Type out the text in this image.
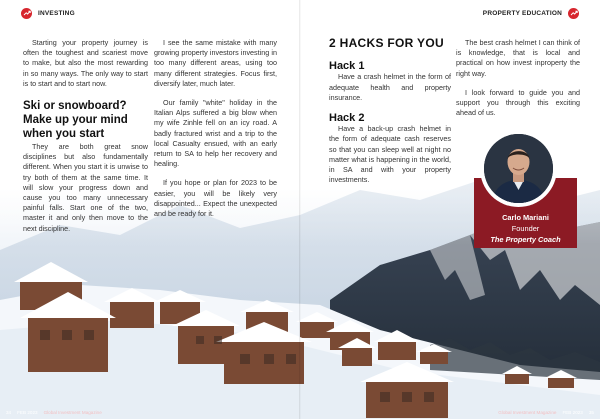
INVESTING	PROPERTY EDUCATION

Starting your property journey is often the toughest and scariest move to make, but also the most rewarding in so many ways. The only way to start is to start and to start now.

Ski or snowboard? Make up your mind when you start

They are both great snow disciplines but also fundamentally different. When you start it is unwise to try both of them at the same time. It will slow your progress down and cause you too many unnecessary painful falls. Start one of the two, master it and only then move to the next discipline.

I see the same mistake with many growing property investors investing in too many different areas, using too many different strategies. Focus first, diversify later, much later.

Our family "white" holiday in the Italian Alps suffered a big blow when my wife Zinhle fell on an icy road. A badly fractured wrist and a trip to the local Casualty ensued, with an early return to SA to help her recovery and healing.

If you hope or plan for 2023 to be easier, you will be likely very disappointed... Expect the unexpected and be ready for it.

2 HACKS FOR YOU
Hack 1

Have a crash helmet in the form of adequate health and property insurance.

Hack 2

Have a back-up crash helmet in the form of adequate cash reserves so that you can sleep well at night no matter what is happening in the world, in SA and with your property investments.

The best crash helmet I can think of is knowledge, that is local and practical on how invest inproperty the right way.

I look forward to guide you and support you through this exciting ahead of us.

Carlo Mariani
Founder
The Property Coach
34 FEB 2023 Global Investment Magazine	Global Investment Magazine FEB 2023 35
